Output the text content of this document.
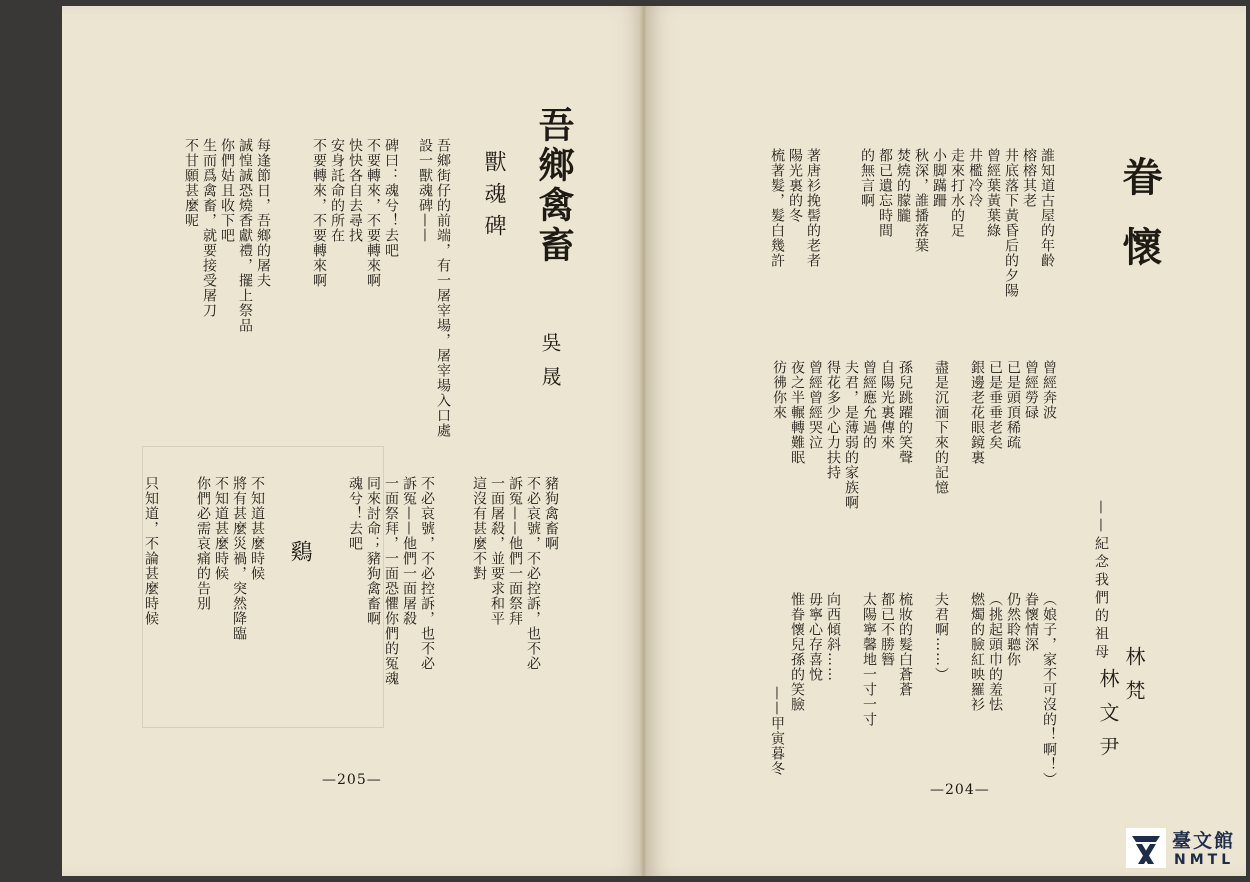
吾鄉禽畜
獸魂碑
吳晟
吾鄉街仔的前端，有一屠宰場，屠宰場入口處
設一獸魂碑——
碑曰：魂兮！去吧
不要轉來，不要轉來啊
快快各自去尋找
安身託命的所在
不要轉來，不要轉來啊
每逢節日，吾鄉的屠夫
誠惶誠恐燒香獻禮，擺上祭品
你們姑且收下吧
生而爲禽畜，就要接受屠刀
不甘願甚麼呢
豬狗禽畜啊
不必哀號，不必控訴，也不必
訴冤——他們一面祭拜
一面屠殺，並要求和平
這沒有甚麼不對
不必哀號，不必控訴，也不必
訴冤——他們一面屠殺
一面祭拜，一面恐懼你們的冤魂
同來討命；豬狗禽畜啊
魂兮！去吧
鷄
不知道甚麼時候
將有甚麼災禍，突然降臨
不知道甚麼時候
你們必需哀痛的告別
只知道，不論甚麼時候
—205—
眷懷
——紀念我們的祖母
林梵
林文尹
誰知道古屋的年齡
榕榕其老
井底落下黃昏后的夕陽
曾經葉黃葉綠
井檻冷冷
走來打水的足
小脚蹣跚
秋深，誰播落葉
焚燒的朦朧
都已遺忘時間
的無言啊
著唐衫挽髻的老者
陽光裏的冬
梳著髮，髮白幾許
曾經奔波
曾經勞碌
已是頭頂稀疏
已是垂垂老矣
銀邊老花眼鏡裏
盡是沉湎下來的記憶
孫兒跳躍的笑聲
自陽光裏傳來
曾經應允過的
夫君，是薄弱的家族啊
得花多少心力扶持
曾經曾經哭泣
夜之半輾轉難眠
彷彿你來
（娘子，家不可沒的！啊！）
眷懷情深
仍然聆聽你
（挑起頭巾的羞怯
燃燭的臉紅映羅衫
夫君啊……）
梳妝的髮白蒼蒼
都已不勝簪
太陽寧馨地一寸一寸
向西傾斜……
毋寧心存喜悅
惟眷懷兒孫的笑臉
——甲寅暮冬
—204—
臺文館
NMTL
